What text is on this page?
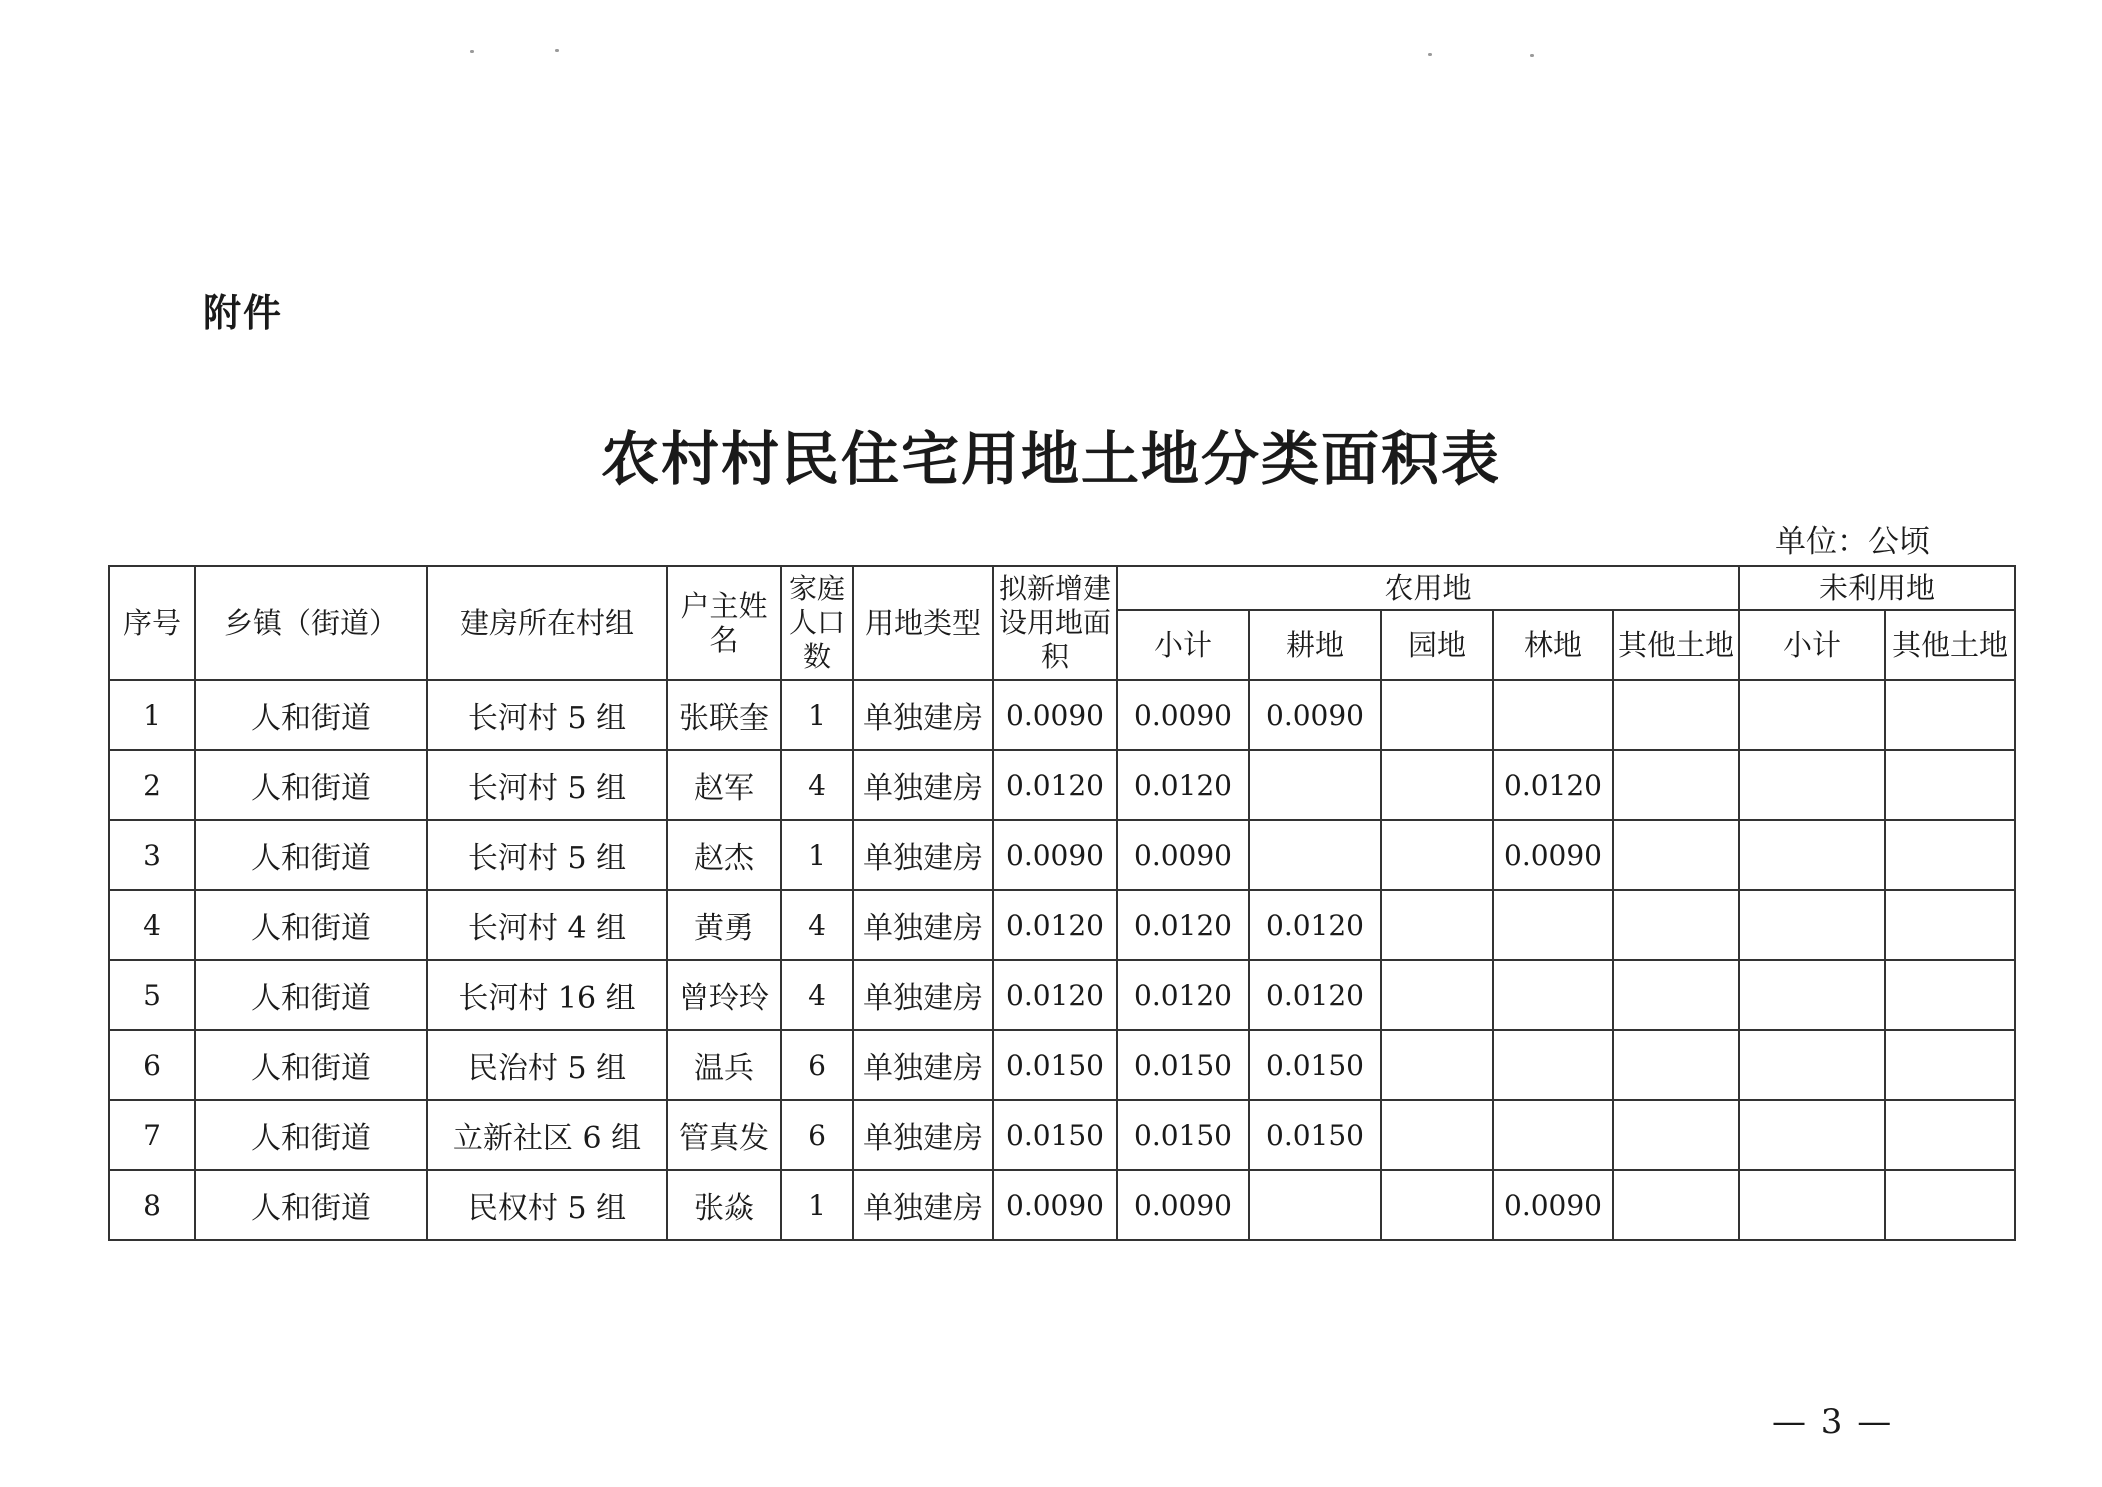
附件
农村村民住宅用地土地分类面积表
单位：公顷
序号	乡镇（街道）	建房所在村组	户主姓名	家庭人口数	用地类型	拟新增建设用地面积	农用地					未利用地	
							小计	耕地	园地	林地	其他土地	小计	其他土地
1	人和街道	长河村 5 组	张联奎	1	单独建房	0.0090	0.0090	0.0090					
2	人和街道	长河村 5 组	赵军	4	单独建房	0.0120	0.0120			0.0120			
3	人和街道	长河村 5 组	赵杰	1	单独建房	0.0090	0.0090			0.0090			
4	人和街道	长河村 4 组	黄勇	4	单独建房	0.0120	0.0120	0.0120					
5	人和街道	长河村 16 组	曾玲玲	4	单独建房	0.0120	0.0120	0.0120					
6	人和街道	民治村 5 组	温兵	6	单独建房	0.0150	0.0150	0.0150					
7	人和街道	立新社区 6 组	管真发	6	单独建房	0.0150	0.0150	0.0150					
8	人和街道	民权村 5 组	张焱	1	单独建房	0.0090	0.0090			0.0090			
— 3 —
